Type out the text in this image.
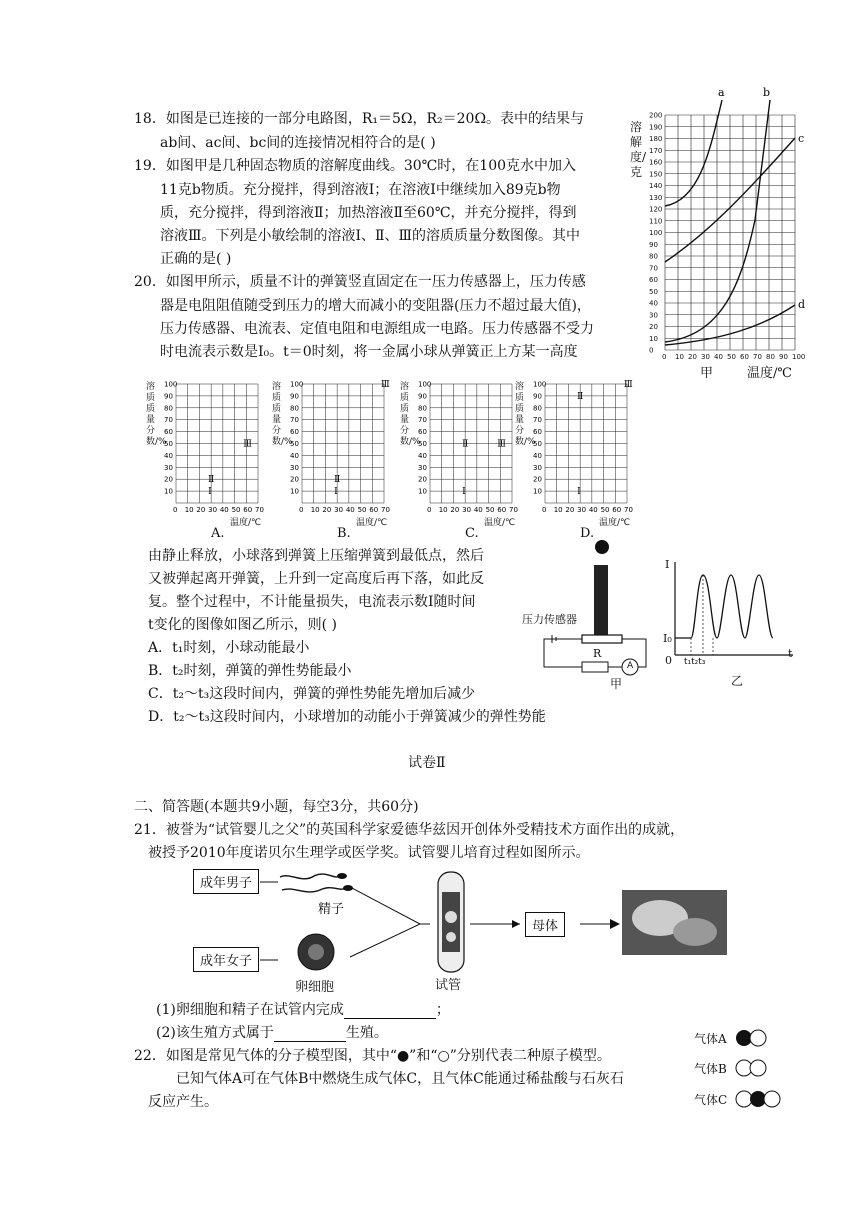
18．如图是已连接的一部分电路图，R₁＝5Ω，R₂＝20Ω。表中的结果与
ab间、ac间、bc间的连接情况相符合的是( )
19．如图甲是几种固态物质的溶解度曲线。30℃时，在100克水中加入
11克b物质。充分搅拌，得到溶液Ⅰ；在溶液Ⅰ中继续加入89克b物
质，充分搅拌，得到溶液Ⅱ；加热溶液Ⅱ至60℃，并充分搅拌，得到
溶液Ⅲ。下列是小敏绘制的溶液Ⅰ、Ⅱ、Ⅲ的溶质质量分数图像。其中
正确的是( )
20．如图甲所示，质量不计的弹簧竖直固定在一压力传感器上，压力传感
器是电阻阻值随受到压力的增大而减小的变阻器(压力不超过最大值)，
压力传感器、电流表、定值电阻和电源组成一电路。压力传感器不受力
时电流表示数是I₀。t＝0时刻，将一金属小球从弹簧正上方某一高度	0 10 20 30 40 50 60 70 80 90 100
200
190
180
170
160
150
140
130
120
110
100
90
80
70
60
50
40
30
20
10
0
a	b
c
d
溶解度/克
甲	温度/℃
0 10 20 30 40 50 60 70
100
90
80
70
60
50
40
30
20
10	Ⅰ
Ⅱ
Ⅲ
溶质质量分数/%
温度/℃
A.
0 10 20 30 40 50 60 70
100
90
80
70
60
50
40
30
20
10	Ⅰ
Ⅱ
Ⅲ
溶质质量分数/%
温度/℃
B.
0 10 20 30 40 50 60 70
100
90
80
70
60
50
40
30
20
10	Ⅰ
Ⅱ	Ⅲ
溶质质量分数/%
温度/℃
C.
0 10 20 30 40 50 60 70
100
90
80
70
60
50
40
30
20
10	Ⅰ
Ⅱ
Ⅲ
溶质质量分数/%
温度/℃
D.
由静止释放，小球落到弹簧上压缩弹簧到最低点，然后
又被弹起离开弹簧，上升到一定高度后再下落，如此反
复。整个过程中，不计能量损失，电流表示数I随时间
t变化的图像如图乙所示，则( )
A．t₁时刻，小球动能最小
B．t₂时刻，弹簧的弹性势能最小
C．t₂～t₃这段时间内，弹簧的弹性势能先增加后减少
D．t₂～t₃这段时间内，小球增加的动能小于弹簧减少的弹性势能
压力传感器
R
A
甲
I
t
I₀
0 t₁t₂t₃
乙
试卷Ⅱ
二、简答题(本题共9小题，每空3分，共60分)
21．被誉为“试管婴儿之父”的英国科学家爱德华兹因开创体外受精技术方面作出的成就，
被授予2010年度诺贝尔生理学或医学奖。试管婴儿培育过程如图所示。
成年男子
成年女子
精子
卵细胞	试管
母体
(1)卵细胞和精子在试管内完成	；
(2)该生殖方式属于	生殖。
22．如图是常见气体的分子模型图，其中“●”和“○”分别代表二种原子模型。
已知气体A可在气体B中燃烧生成气体C，且气体C能通过稀盐酸与石灰石
反应产生。
气体A
气体B
气体C
